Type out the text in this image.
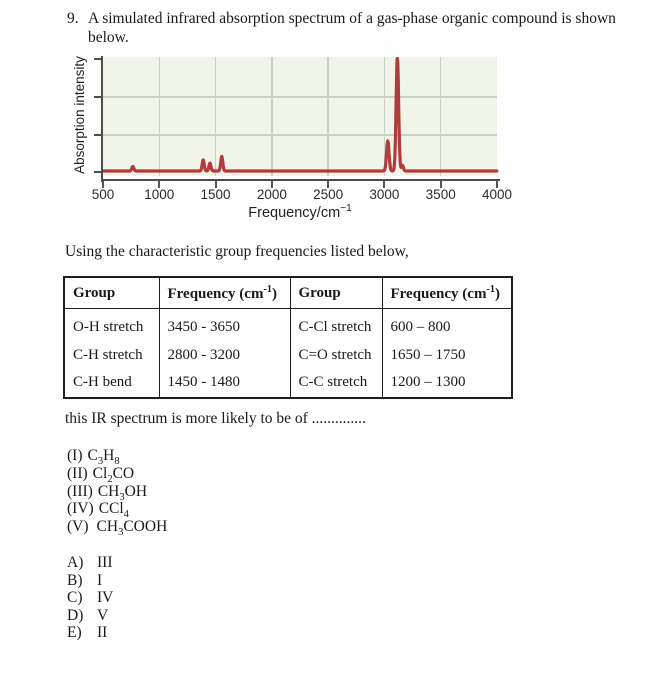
9. A simulated infrared absorption spectrum of a gas-phase organic compound is shown
below.
Absorption intensity
500	1000	1500	2000	2500	3000	3500	4000
Frequency/$cm^{-1}$
Using the characteristic group frequencies listed below,
Group	Frequency $(cm^{-1})$	Group	Frequency $(cm^{-1})$
O-H stretch	3450 - 3650	C-Cl stretch	600 – 800
C-H stretch	2800 - 3200	C=O stretch	1650 – 1750
C-H bend	1450 - 1480	C-C stretch	1200 – 1300
this IR spectrum is more likely to be of ..............
(I) $C_3H_8$
(II) $Cl_2CO$
(III) $CH_3OH$
(IV) CCl$_4$
(V) $CH_3COOH$
A) III
B) I
C) IV
D) V
E) II
